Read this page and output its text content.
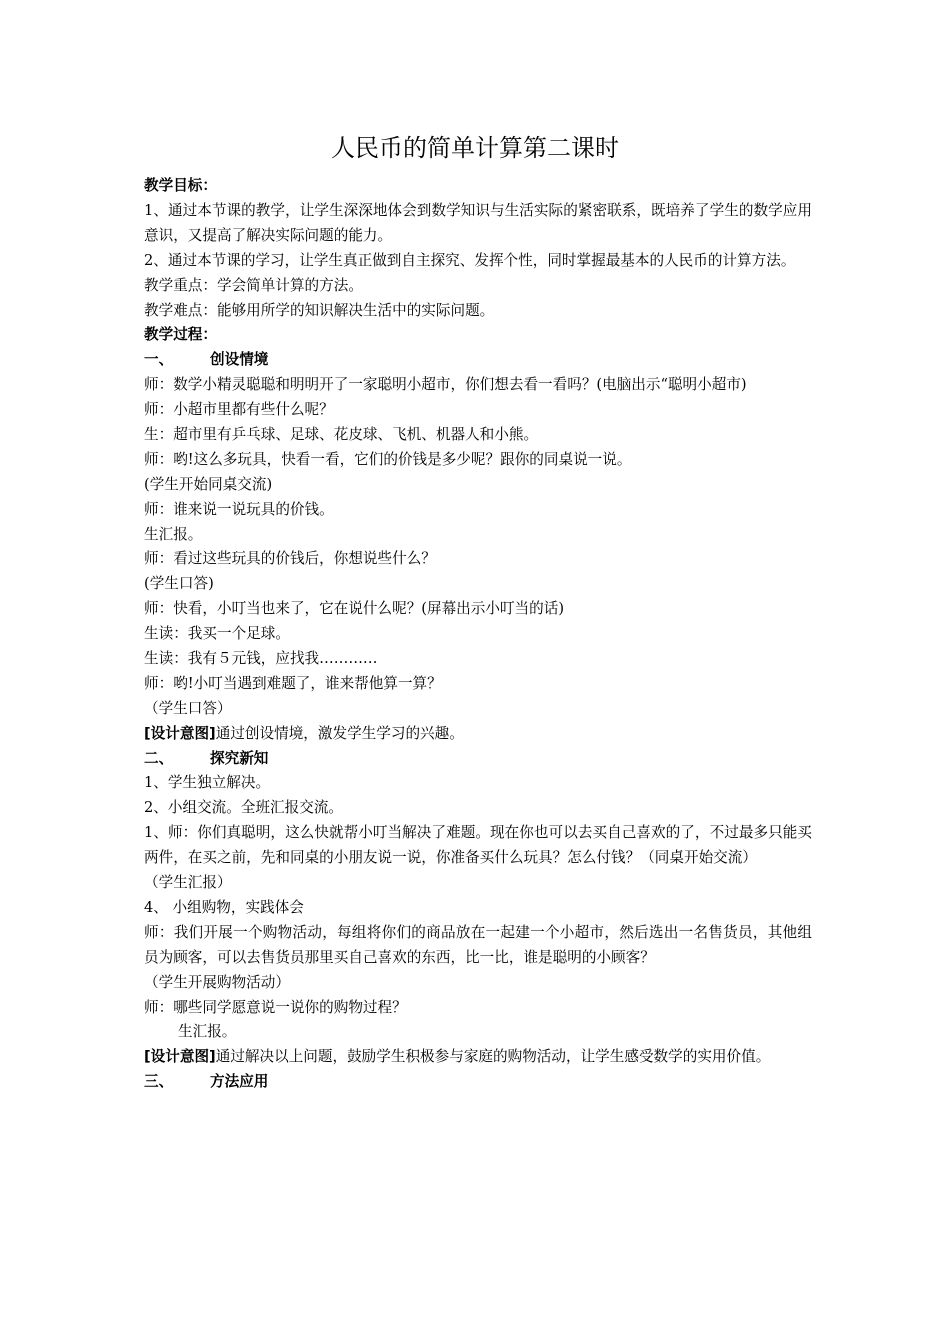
人民币的简单计算第二课时
教学目标：
1、通过本节课的教学，让学生深深地体会到数学知识与生活实际的紧密联系，既培养了学生的数学应用意识，又提高了解决实际问题的能力。
2、通过本节课的学习，让学生真正做到自主探究、发挥个性，同时掌握最基本的人民币的计算方法。
教学重点：学会简单计算的方法。
教学难点：能够用所学的知识解决生活中的实际问题。
教学过程：
一、	创设情境
师：数学小精灵聪聪和明明开了一家聪明小超市，你们想去看一看吗？(电脑出示“聪明小超市)
师：小超市里都有些什么呢？
生：超市里有乒乓球、足球、花皮球、飞机、机器人和小熊。
师：哟!这么多玩具，快看一看，它们的价钱是多少呢？跟你的同桌说一说。
(学生开始同桌交流)
师：谁来说一说玩具的价钱。
生汇报。
师：看过这些玩具的价钱后，你想说些什么？
(学生口答)
师：快看，小叮当也来了，它在说什么呢？(屏幕出示小叮当的话)
生读：我买一个足球。
生读：我有５元钱，应找我…………
师：哟!小叮当遇到难题了，谁来帮他算一算？
（学生口答）
[设计意图] 通过创设情境，激发学生学习的兴趣。
二、	探究新知
1、学生独立解决。
2、小组交流。全班汇报交流。
1、师：你们真聪明，这么快就帮小叮当解决了难题。现在你也可以去买自己喜欢的了，不过最多只能买两件，在买之前，先和同桌的小朋友说一说，你准备买什么玩具？怎么付钱？（同桌开始交流）
（学生汇报）
4、 小组购物，实践体会
师：我们开展一个购物活动，每组将你们的商品放在一起建一个小超市，然后选出一名售货员，其他组员为顾客，可以去售货员那里买自己喜欢的东西，比一比，谁是聪明的小顾客？
（学生开展购物活动）
师：哪些同学愿意说一说你的购物过程？
生汇报。
[设计意图] 通过解决以上问题，鼓励学生积极参与家庭的购物活动，让学生感受数学的实用价值。
三、	方法应用
